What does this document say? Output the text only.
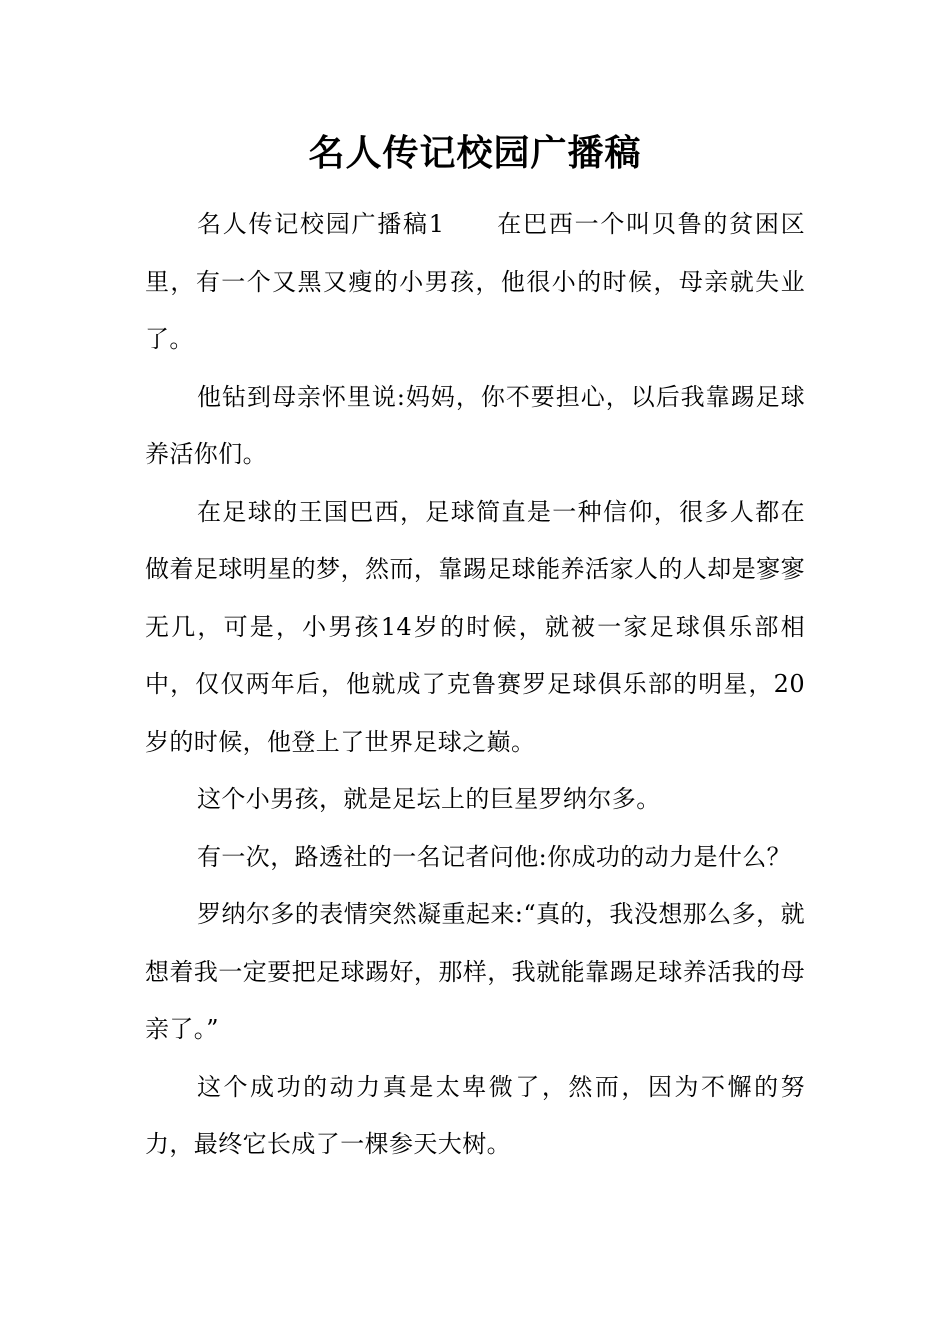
名人传记校园广播稿

名人传记校园广播稿1　　在巴西一个叫贝鲁的贫困区里，有一个又黑又瘦的小男孩，他很小的时候，母亲就失业了。

他钻到母亲怀里说:妈妈，你不要担心，以后我靠踢足球养活你们。

在足球的王国巴西，足球简直是一种信仰，很多人都在做着足球明星的梦，然而，靠踢足球能养活家人的人却是寥寥无几，可是，小男孩14岁的时候，就被一家足球俱乐部相中，仅仅两年后，他就成了克鲁赛罗足球俱乐部的明星，20岁的时候，他登上了世界足球之巅。

这个小男孩，就是足坛上的巨星罗纳尔多。

有一次，路透社的一名记者问他:你成功的动力是什么？

罗纳尔多的表情突然凝重起来:“真的，我没想那么多，就想着我一定要把足球踢好，那样，我就能靠踢足球养活我的母亲了。”

这个成功的动力真是太卑微了，然而，因为不懈的努力，最终它长成了一棵参天大树。
